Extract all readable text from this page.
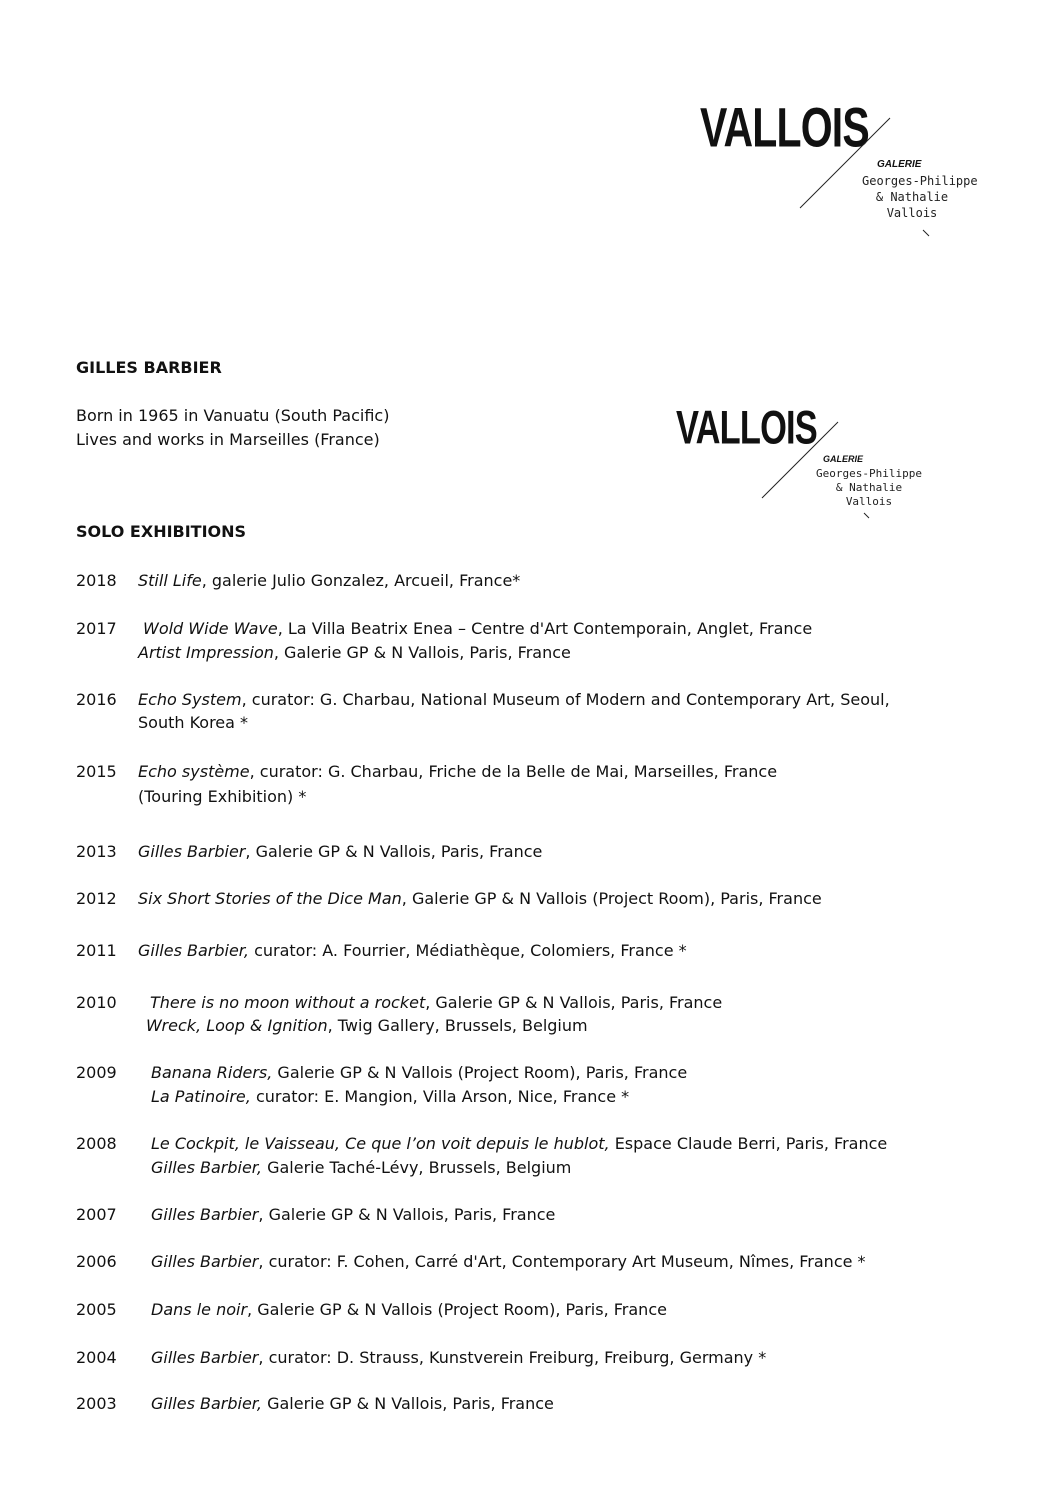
VALLOIS
GALERIE
Georges-Philippe
& Nathalie
Vallois
VALLOIS
GALERIE
Georges-Philippe
& Nathalie
Vallois
GILLES BARBIER
Born in 1965 in Vanuatu (South Pacific)
Lives and works in Marseilles (France)
SOLO EXHIBITIONS
2018 Still Life, galerie Julio Gonzalez, Arcueil, France*
2017 Wold Wide Wave, La Villa Beatrix Enea – Centre d'Art Contemporain, Anglet, France
Artist Impression, Galerie GP & N Vallois, Paris, France
2016 Echo System, curator: G. Charbau, National Museum of Modern and Contemporary Art, Seoul,
South Korea *
2015 Echo système, curator: G. Charbau, Friche de la Belle de Mai, Marseilles, France
(Touring Exhibition) *
2013 Gilles Barbier, Galerie GP & N Vallois, Paris, France
2012 Six Short Stories of the Dice Man, Galerie GP & N Vallois (Project Room), Paris, France
2011 Gilles Barbier, curator: A. Fourrier, Médiathèque, Colomiers, France *
2010 There is no moon without a rocket, Galerie GP & N Vallois, Paris, France
Wreck, Loop & Ignition, Twig Gallery, Brussels, Belgium
2009 Banana Riders, Galerie GP & N Vallois (Project Room), Paris, France
La Patinoire, curator: E. Mangion, Villa Arson, Nice, France *
2008 Le Cockpit, le Vaisseau, Ce que l’on voit depuis le hublot, Espace Claude Berri, Paris, France
Gilles Barbier, Galerie Taché-Lévy, Brussels, Belgium
2007 Gilles Barbier, Galerie GP & N Vallois, Paris, France
2006 Gilles Barbier, curator: F. Cohen, Carré d'Art, Contemporary Art Museum, Nîmes, France *
2005 Dans le noir, Galerie GP & N Vallois (Project Room), Paris, France
2004 Gilles Barbier, curator: D. Strauss, Kunstverein Freiburg, Freiburg, Germany *
2003 Gilles Barbier, Galerie GP & N Vallois, Paris, France
